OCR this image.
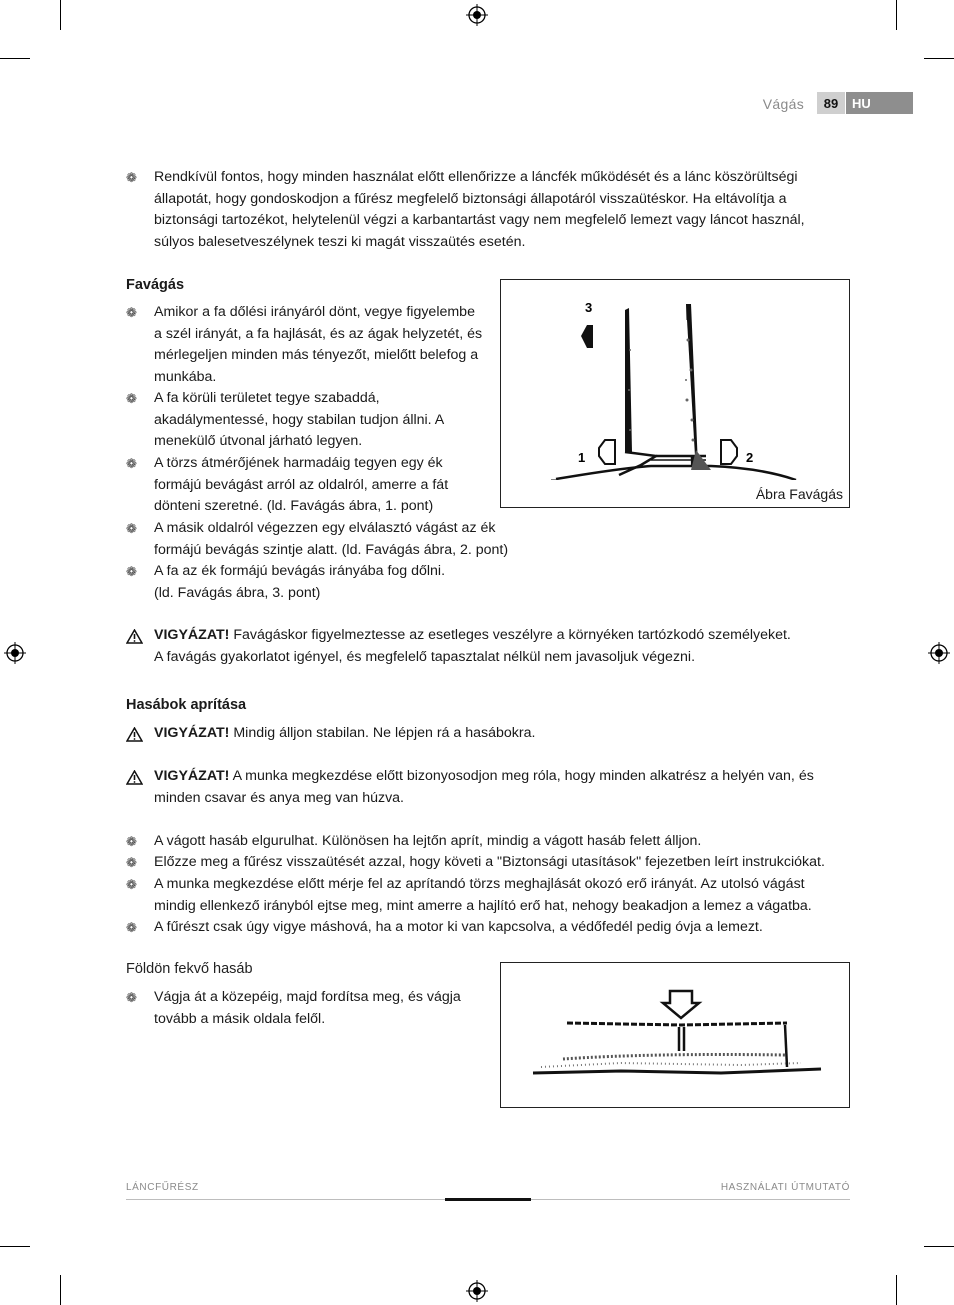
Vágás	89	HU
❁	Rendkívül fontos, hogy minden használat előtt ellenőrizze a láncfék működését és a lánc köszörültségi állapotát, hogy gondoskodjon a fűrész megfelelő biztonsági állapotáról visszaütéskor. Ha eltávolítja a biztonsági tartozékot, helytelenül végzi a karbantartást vagy nem megfelelő lemezt vagy láncot használ, súlyos balesetveszélynek teszi ki magát visszaütés esetén.
Favágás
❁	Amikor a fa dőlési irányáról dönt, vegye figyelembe a szél irányát, a fa hajlását, és az ágak helyzetét, és mérlegeljen minden más tényezőt, mielőtt belefog a munkába.
❁	A fa körüli területet tegye szabaddá, akadálymentessé, hogy stabilan tudjon állni. A menekülő útvonal járható legyen.
❁	A törzs átmérőjének harmadáig tegyen egy ék formájú bevágást arról az oldalról, amerre a fát dönteni szeretné. (ld. Favágás ábra, 1. pont)
❁	A másik oldalról végezzen egy elválasztó vágást az ék formájú bevágás szintje alatt. (ld. Favágás ábra, 2. pont)
❁	A fa az ék formájú bevágás irányába fog dőlni. (ld. Favágás ábra, 3. pont)
3
1	2
Ábra Favágás
VIGYÁZAT! Favágáskor figyelmeztesse az esetleges veszélyre a környéken tartózkodó személyeket.
A favágás gyakorlatot igényel, és megfelelő tapasztalat nélkül nem javasoljuk végezni.
Hasábok aprítása
VIGYÁZAT! Mindig álljon stabilan. Ne lépjen rá a hasábokra.
VIGYÁZAT! A munka megkezdése előtt bizonyosodjon meg róla, hogy minden alkatrész a helyén van, és
minden csavar és anya meg van húzva.
❁	A vágott hasáb elgurulhat. Különösen ha lejtőn aprít, mindig a vágott hasáb felett álljon.
❁	Előzze meg a fűrész visszaütését azzal, hogy követi a "Biztonsági utasítások" fejezetben leírt instrukciókat.
❁	A munka megkezdése előtt mérje fel az aprítandó törzs meghajlását okozó erő irányát. Az utolsó vágást mindig ellenkező irányból ejtse meg, mint amerre a hajlító erő hat, nehogy beakadjon a lemez a vágatba.
❁	A fűrészt csak úgy vigye máshová, ha a motor ki van kapcsolva, a védőfedél pedig óvja a lemezt.
Földön fekvő hasáb
❁	Vágja át a közepéig, majd fordítsa meg, és vágja tovább a másik oldala felől.
LÁNCFŰRÉSZ	HASZNÁLATI ÚTMUTATÓ
